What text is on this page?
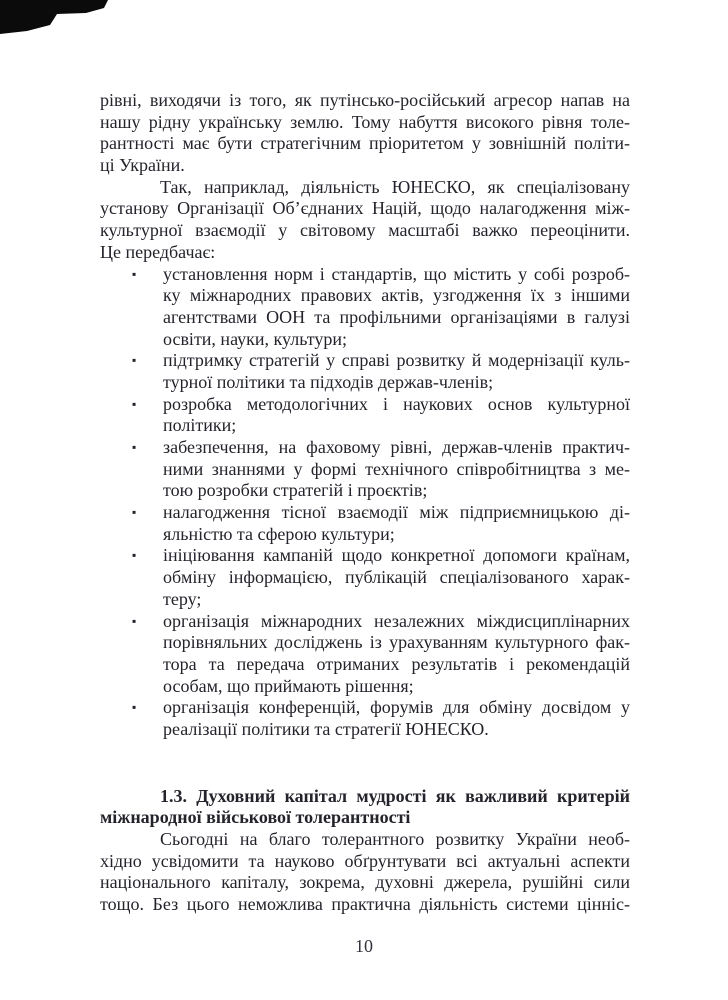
рівні, виходячи із того, як путінсько-російський агресор напав на
нашу рідну українську землю. Тому набуття високого рівня толе-
рантності має бути стратегічним пріоритетом у зовнішній політи-
ці України.
Так, наприклад, діяльність ЮНЕСКО, як спеціалізовану
установу Організації Об’єднаних Націй, щодо налагодження між-
культурної взаємодії у світовому масштабі важко переоцінити.
Це передбачає:
▪ установлення норм і стандартів, що містить у собі розроб-
ку міжнародних правових актів, узгодження їх з іншими
агентствами ООН та профільними організаціями в галузі
освіти, науки, культури;
▪ підтримку стратегій у справі розвитку й модернізації куль-
турної політики та підходів держав-членів;
▪ розробка методологічних і наукових основ культурної
політики;
▪ забезпечення, на фаховому рівні, держав-членів практич-
ними знаннями у формі технічного співробітництва з ме-
тою розробки стратегій і проєктів;
▪ налагодження тісної взаємодії між підприємницькою ді-
яльністю та сферою культури;
▪ ініціювання кампаній щодо конкретної допомоги країнам,
обміну інформацією, публікацій спеціалізованого харак-
теру;
▪ організація міжнародних незалежних міждисциплінарних
порівняльних досліджень із урахуванням культурного фак-
тора та передача отриманих результатів і рекомендацій
особам, що приймають рішення;
▪ організація конференцій, форумів для обміну досвідом у
реалізації політики та стратегії ЮНЕСКО.
1.3. Духовний капітал мудрості як важливий критерій
міжнародної військової толерантності
Сьогодні на благо толерантного розвитку України необ-
хідно усвідомити та науково обґрунтувати всі актуальні аспекти
національного капіталу, зокрема, духовні джерела, рушійні сили
тощо. Без цього неможлива практична діяльність системи цінніс-
10
